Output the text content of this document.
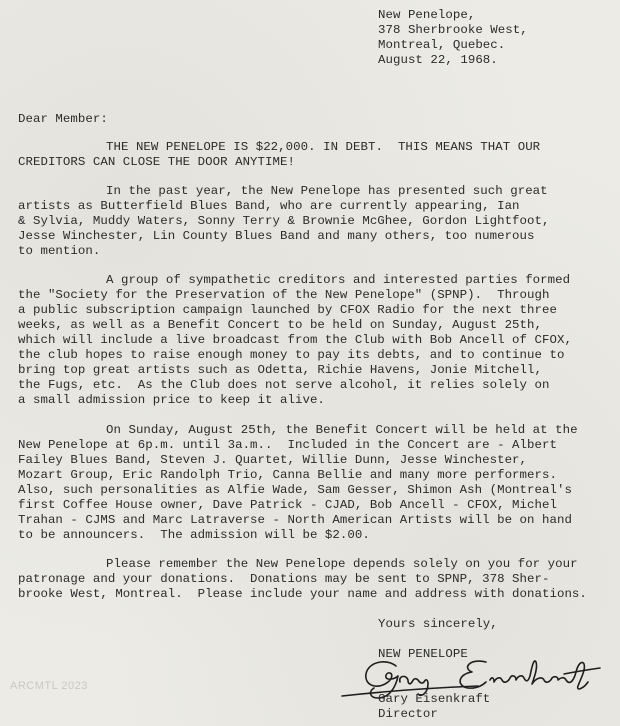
New Penelope,
378 Sherbrooke West,
Montreal, Quebec.
August 22, 1968.
Dear Member:
THE NEW PENELOPE IS $22,000. IN DEBT.  THIS MEANS THAT OUR
CREDITORS CAN CLOSE THE DOOR ANYTIME!
In the past year, the New Penelope has presented such great
artists as Butterfield Blues Band, who are currently appearing, Ian
& Sylvia, Muddy Waters, Sonny Terry & Brownie McGhee, Gordon Lightfoot,
Jesse Winchester, Lin County Blues Band and many others, too numerous
to mention.
A group of sympathetic creditors and interested parties formed
the "Society for the Preservation of the New Penelope" (SPNP).  Through
a public subscription campaign launched by CFOX Radio for the next three
weeks, as well as a Benefit Concert to be held on Sunday, August 25th,
which will include a live broadcast from the Club with Bob Ancell of CFOX,
the club hopes to raise enough money to pay its debts, and to continue to
bring top great artists such as Odetta, Richie Havens, Jonie Mitchell,
the Fugs, etc.  As the Club does not serve alcohol, it relies solely on
a small admission price to keep it alive.
On Sunday, August 25th, the Benefit Concert will be held at the
New Penelope at 6p.m. until 3a.m..  Included in the Concert are - Albert
Failey Blues Band, Steven J. Quartet, Willie Dunn, Jesse Winchester,
Mozart Group, Eric Randolph Trio, Canna Bellie and many more performers.
Also, such personalities as Alfie Wade, Sam Gesser, Shimon Ash (Montreal's
first Coffee House owner, Dave Patrick - CJAD, Bob Ancell - CFOX, Michel
Trahan - CJMS and Marc Latraverse - North American Artists will be on hand
to be announcers.  The admission will be $2.00.
Please remember the New Penelope depends solely on you for your
patronage and your donations.  Donations may be sent to SPNP, 378 Sher-
brooke West, Montreal.  Please include your name and address with donations.
Yours sincerely,
NEW PENELOPE
Gary Eisenkraft
Director
ARCMTL 2023
